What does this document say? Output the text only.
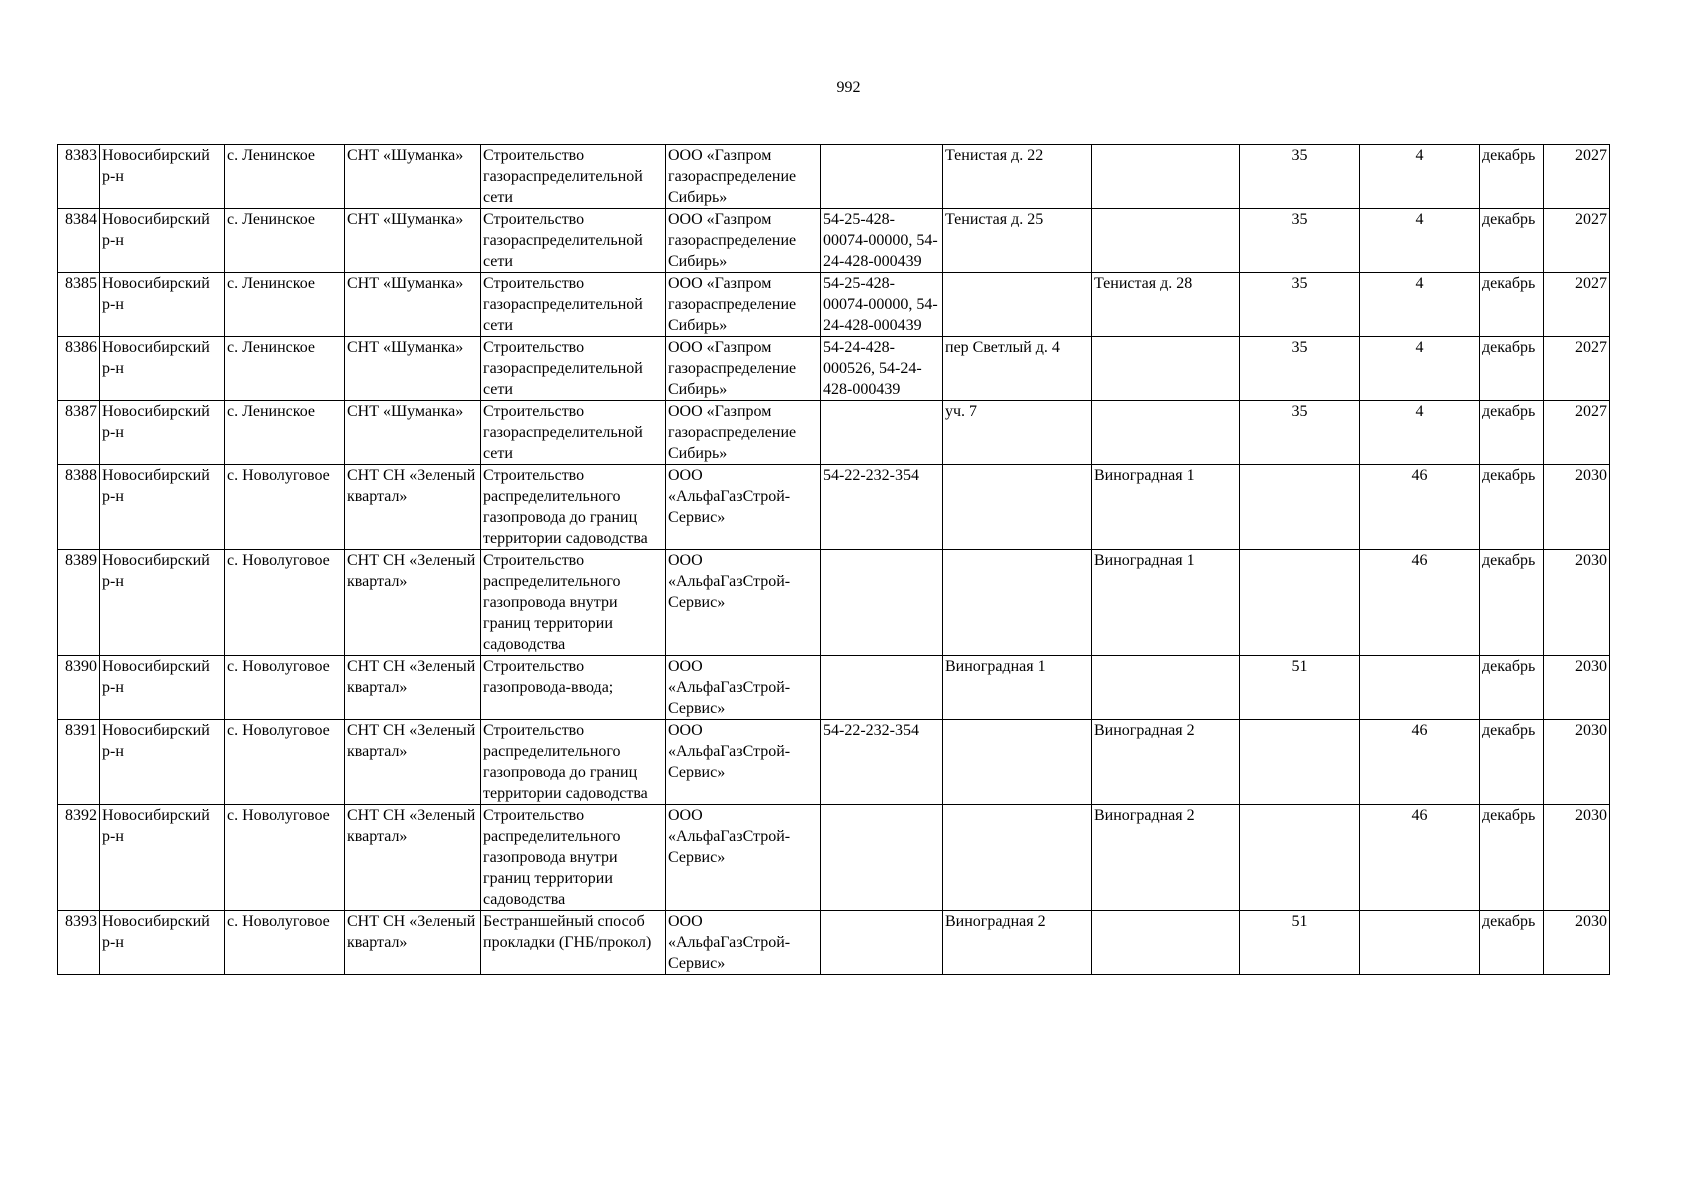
992
8383	Новосибирский р-н	с. Ленинское	СНТ «Шуманка»	Строительство газораспределительной сети	ООО «Газпром газораспределение Сибирь»		Тенистая д. 22		35	4	декабрь	2027
8384	Новосибирский р-н	с. Ленинское	СНТ «Шуманка»	Строительство газораспределительной сети	ООО «Газпром газораспределение Сибирь»	54-25-428-00074-00000, 54-24-428-000439	Тенистая д. 25		35	4	декабрь	2027
8385	Новосибирский р-н	с. Ленинское	СНТ «Шуманка»	Строительство газораспределительной сети	ООО «Газпром газораспределение Сибирь»	54-25-428-00074-00000, 54-24-428-000439		Тенистая д. 28	35	4	декабрь	2027
8386	Новосибирский р-н	с. Ленинское	СНТ «Шуманка»	Строительство газораспределительной сети	ООО «Газпром газораспределение Сибирь»	54-24-428-000526, 54-24-428-000439	пер Светлый д. 4		35	4	декабрь	2027
8387	Новосибирский р-н	с. Ленинское	СНТ «Шуманка»	Строительство газораспределительной сети	ООО «Газпром газораспределение Сибирь»		уч. 7		35	4	декабрь	2027
8388	Новосибирский р-н	с. Новолуговое	СНТ СН «Зеленый квартал»	Строительство распределительного газопровода до границ территории садоводства	ООО «АльфаГазСтрой-Сервис»	54-22-232-354		Виноградная 1		46	декабрь	2030
8389	Новосибирский р-н	с. Новолуговое	СНТ СН «Зеленый квартал»	Строительство распределительного газопровода внутри границ территории садоводства	ООО «АльфаГазСтрой-Сервис»			Виноградная 1		46	декабрь	2030
8390	Новосибирский р-н	с. Новолуговое	СНТ СН «Зеленый квартал»	Строительство газопровода-ввода;	ООО «АльфаГазСтрой-Сервис»		Виноградная 1		51		декабрь	2030
8391	Новосибирский р-н	с. Новолуговое	СНТ СН «Зеленый квартал»	Строительство распределительного газопровода до границ территории садоводства	ООО «АльфаГазСтрой-Сервис»	54-22-232-354		Виноградная 2		46	декабрь	2030
8392	Новосибирский р-н	с. Новолуговое	СНТ СН «Зеленый квартал»	Строительство распределительного газопровода внутри границ территории садоводства	ООО «АльфаГазСтрой-Сервис»			Виноградная 2		46	декабрь	2030
8393	Новосибирский р-н	с. Новолуговое	СНТ СН «Зеленый квартал»	Бестраншейный способ прокладки (ГНБ/прокол)	ООО «АльфаГазСтрой-Сервис»		Виноградная 2		51		декабрь	2030
